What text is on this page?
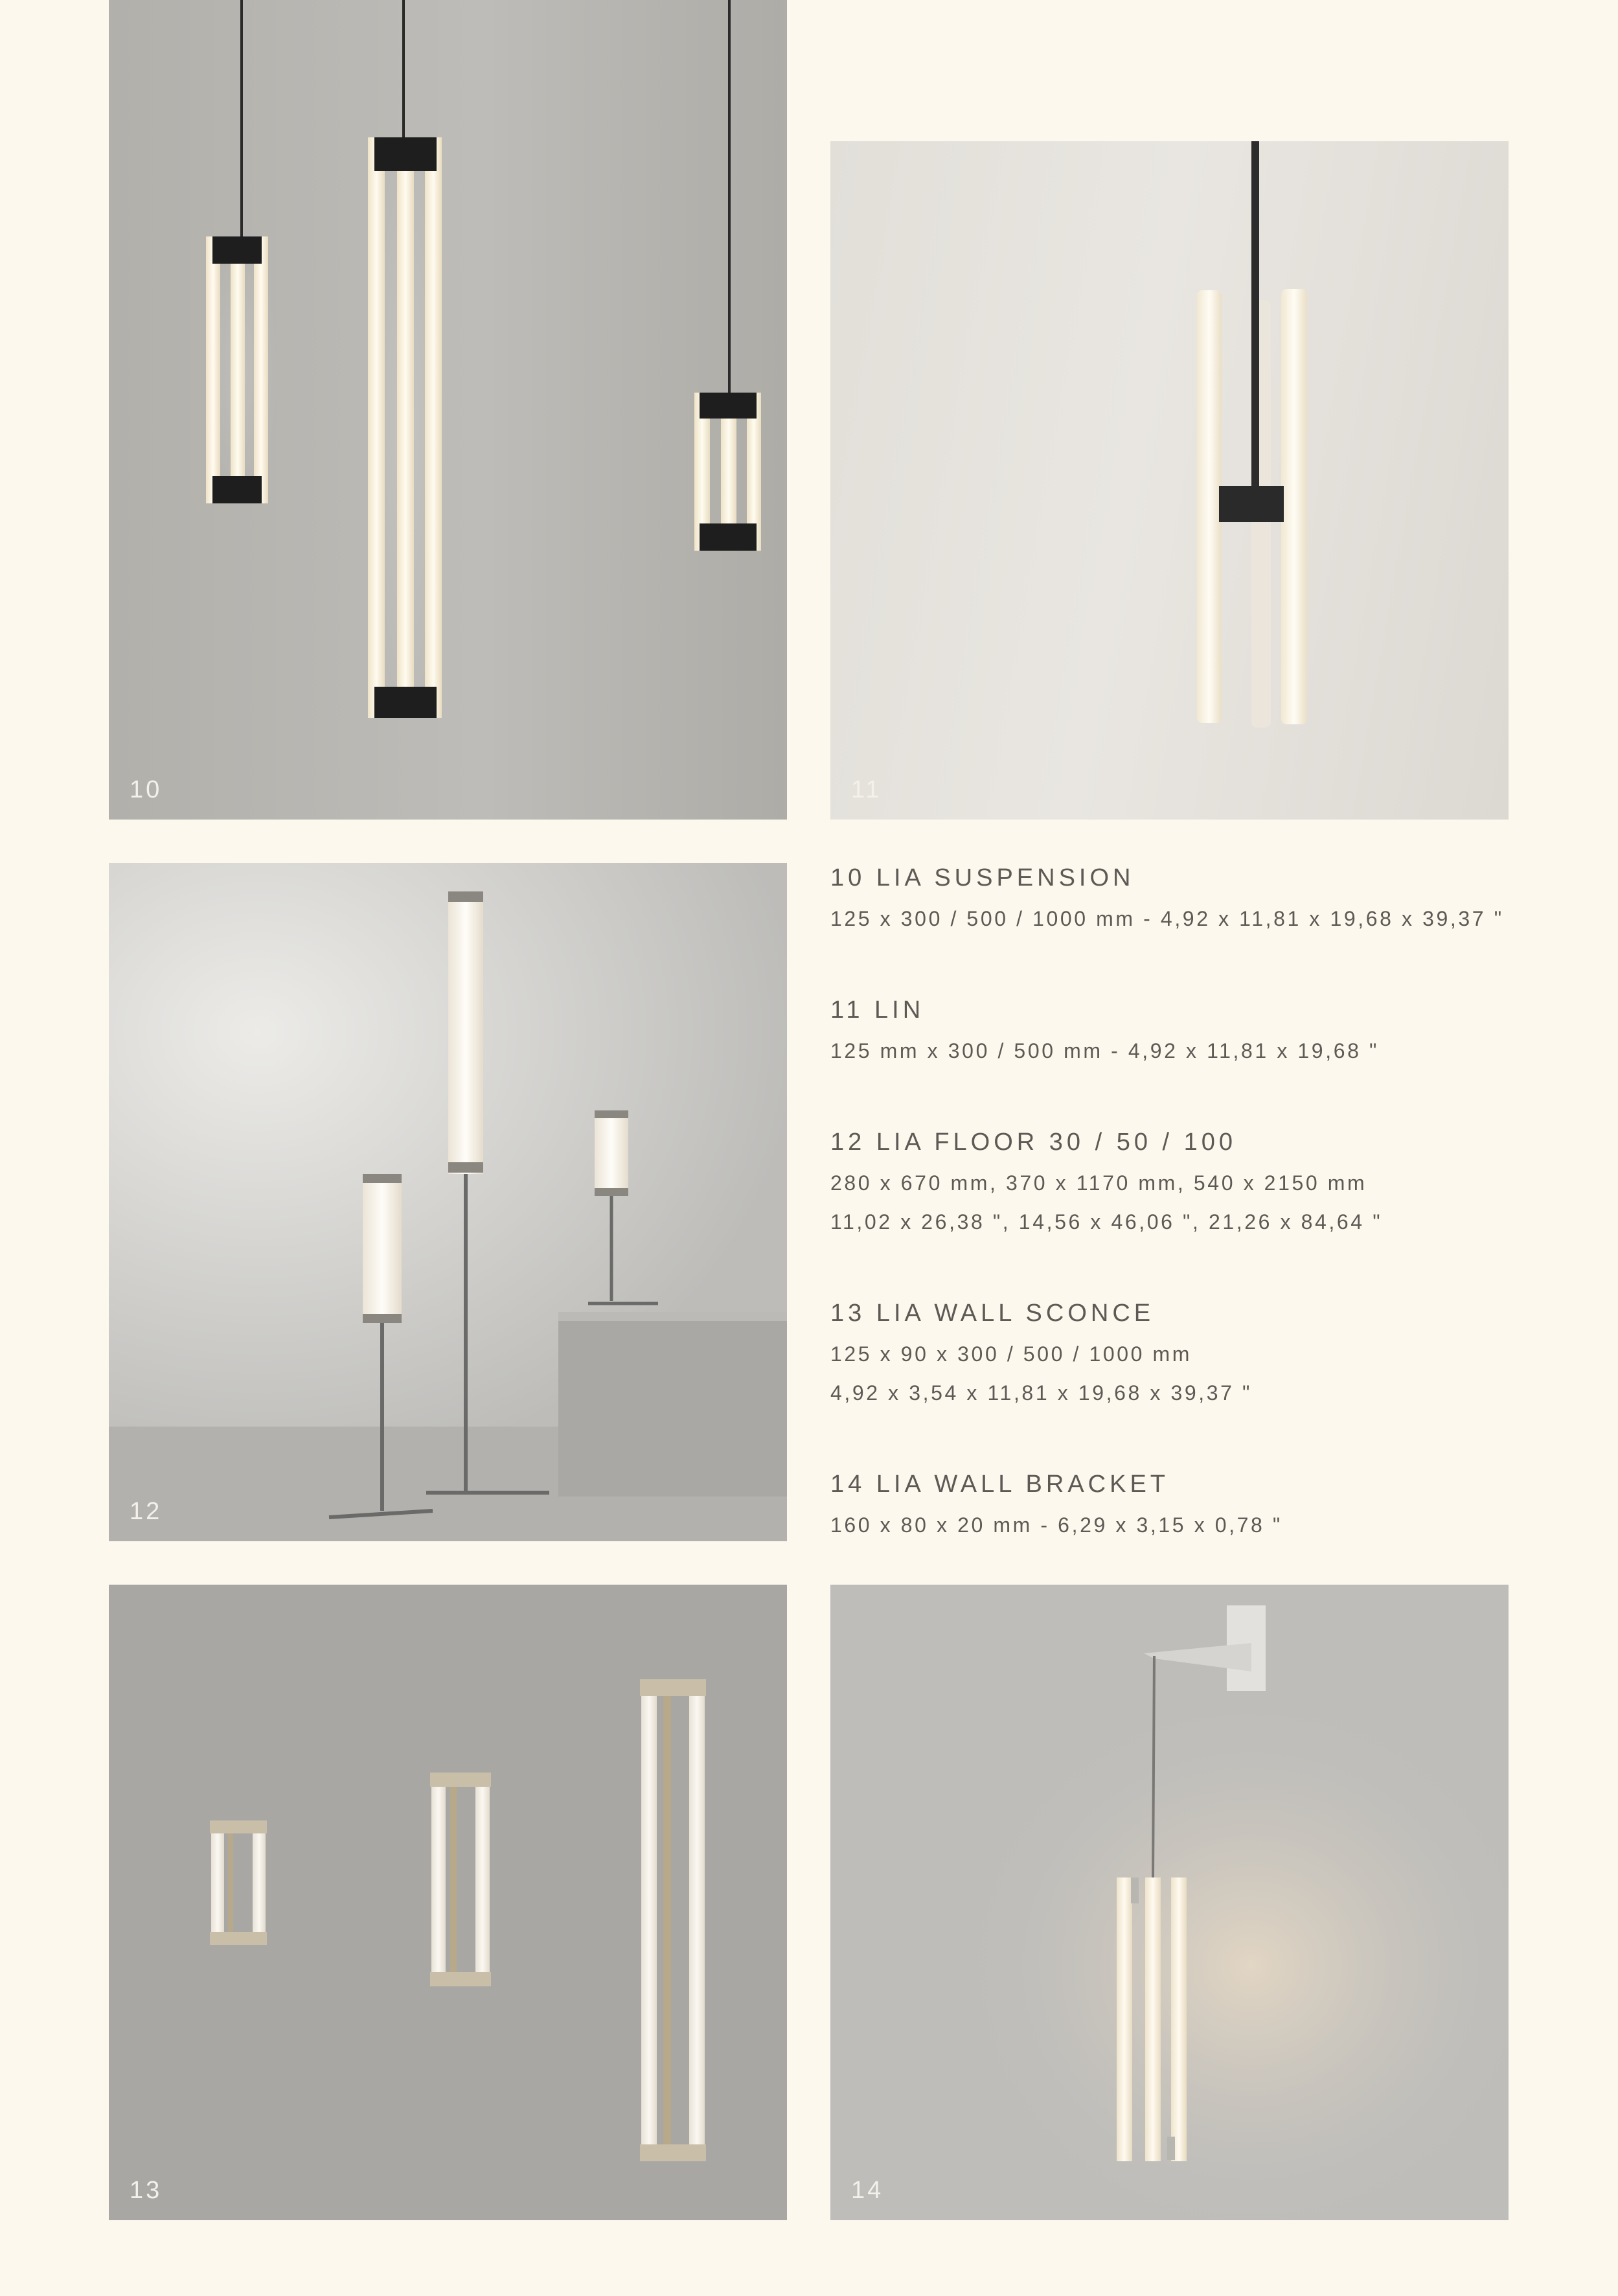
10	11
12
13	14
10 LIA SUSPENSION
125 x 300 / 500 / 1000 mm - 4,92 x 11,81 x 19,68 x 39,37 "
11 LIN
125 mm x 300 / 500 mm - 4,92 x 11,81 x 19,68 "
12 LIA FLOOR 30 / 50 / 100
280 x 670 mm, 370 x 1170 mm, 540 x 2150 mm
11,02 x 26,38 ", 14,56 x 46,06 ", 21,26 x 84,64 "
13 LIA WALL SCONCE
125 x 90 x 300 / 500 / 1000 mm
4,92 x 3,54 x 11,81 x 19,68 x 39,37 "
14 LIA WALL BRACKET
160 x 80 x 20 mm - 6,29 x 3,15 x 0,78 "
